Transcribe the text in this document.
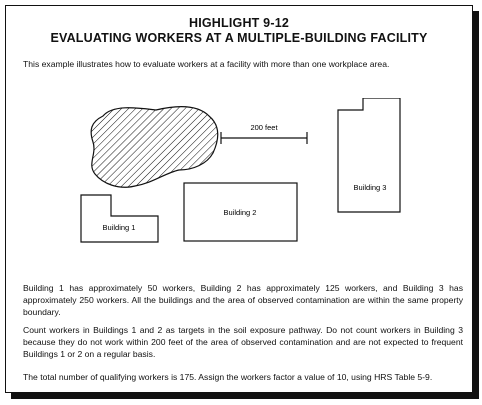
HIGHLIGHT 9-12
EVALUATING WORKERS AT A MULTIPLE-BUILDING FACILITY
This example illustrates how to evaluate workers at a facility with more than one workplace area.
200 feet
Building 1
Building 2
Building 3
Building 1 has approximately 50 workers, Building 2 has approximately 125 workers, and Building 3 has approximately 250 workers. All the buildings and the area of observed contamination are within the same property boundary.
Count workers in Buildings 1 and 2 as targets in the soil exposure pathway. Do not count workers in Building 3 because they do not work within 200 feet of the area of observed contamination and are not expected to frequent Buildings 1 or 2 on a regular basis.
The total number of qualifying workers is 175. Assign the workers factor a value of 10, using HRS Table 5-9.
